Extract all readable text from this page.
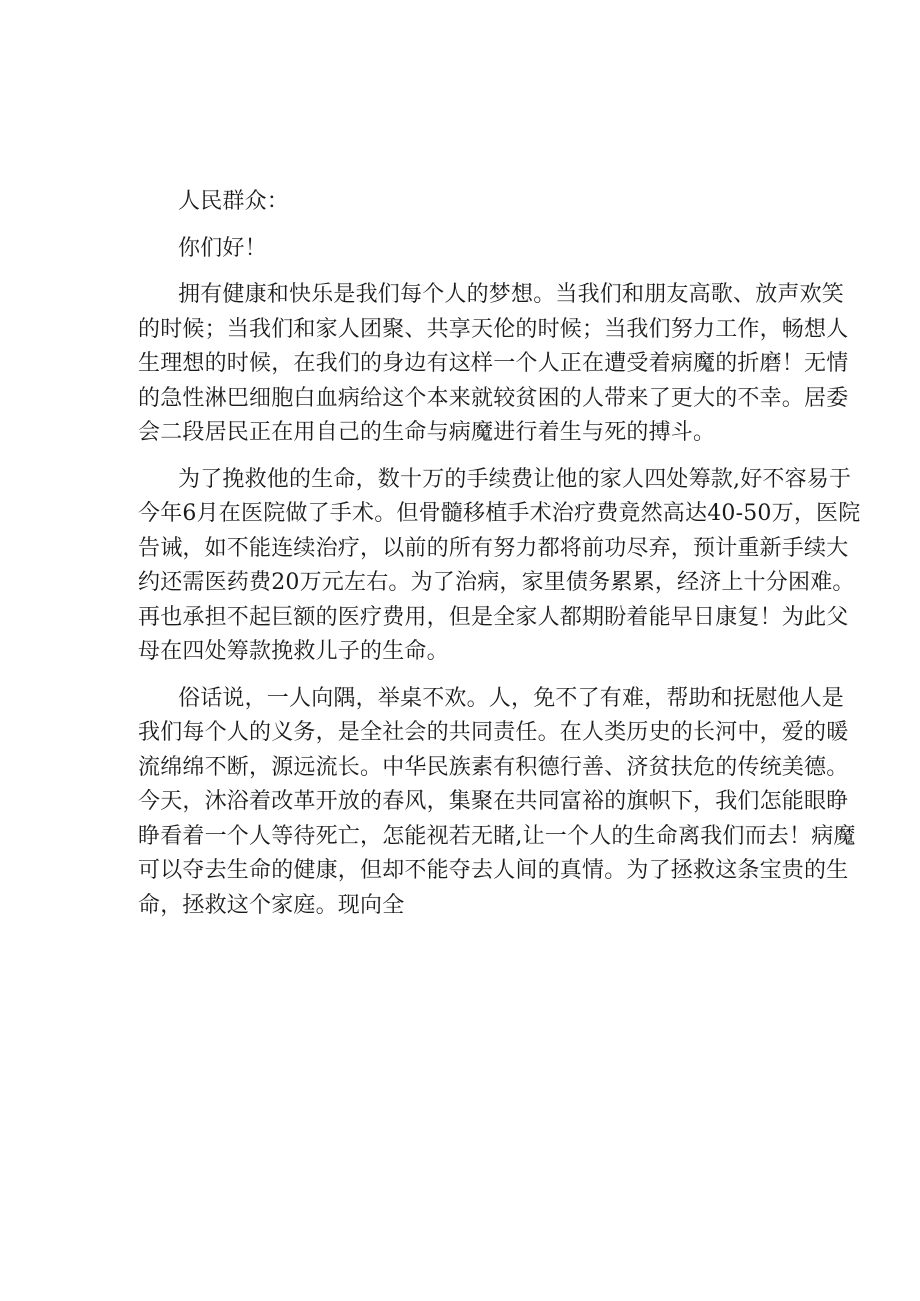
人民群众：

你们好！

拥有健康和快乐是我们每个人的梦想。当我们和朋友高歌、放声欢笑
的时候；当我们和家人团聚、共享天伦的时候；当我们努力工作，畅想人
生理想的时候，在我们的身边有这样一个人正在遭受着病魔的折磨！无情
的急性淋巴细胞白血病给这个本来就较贫困的人带来了更大的不幸。居委
会二段居民正在用自己的生命与病魔进行着生与死的搏斗。

为了挽救他的生命，数十万的手续费让他的家人四处筹款,好不容易于
今年6月在医院做了手术。但骨髓移植手术治疗费竟然高达40-50万，医院
告诫，如不能连续治疗，以前的所有努力都将前功尽弃，预计重新手续大
约还需医药费20万元左右。为了治病，家里债务累累，经济上十分困难。
再也承担不起巨额的医疗费用，但是全家人都期盼着能早日康复！为此父
母在四处筹款挽救儿子的生命。

俗话说，一人向隅，举桌不欢。人，免不了有难，帮助和抚慰他人是
我们每个人的义务，是全社会的共同责任。在人类历史的长河中，爱的暖
流绵绵不断，源远流长。中华民族素有积德行善、济贫扶危的传统美德。
今天，沐浴着改革开放的春风，集聚在共同富裕的旗帜下，我们怎能眼睁
睁看着一个人等待死亡，怎能视若无睹,让一个人的生命离我们而去！病魔
可以夺去生命的健康，但却不能夺去人间的真情。为了拯救这条宝贵的生
命，拯救这个家庭。现向全
